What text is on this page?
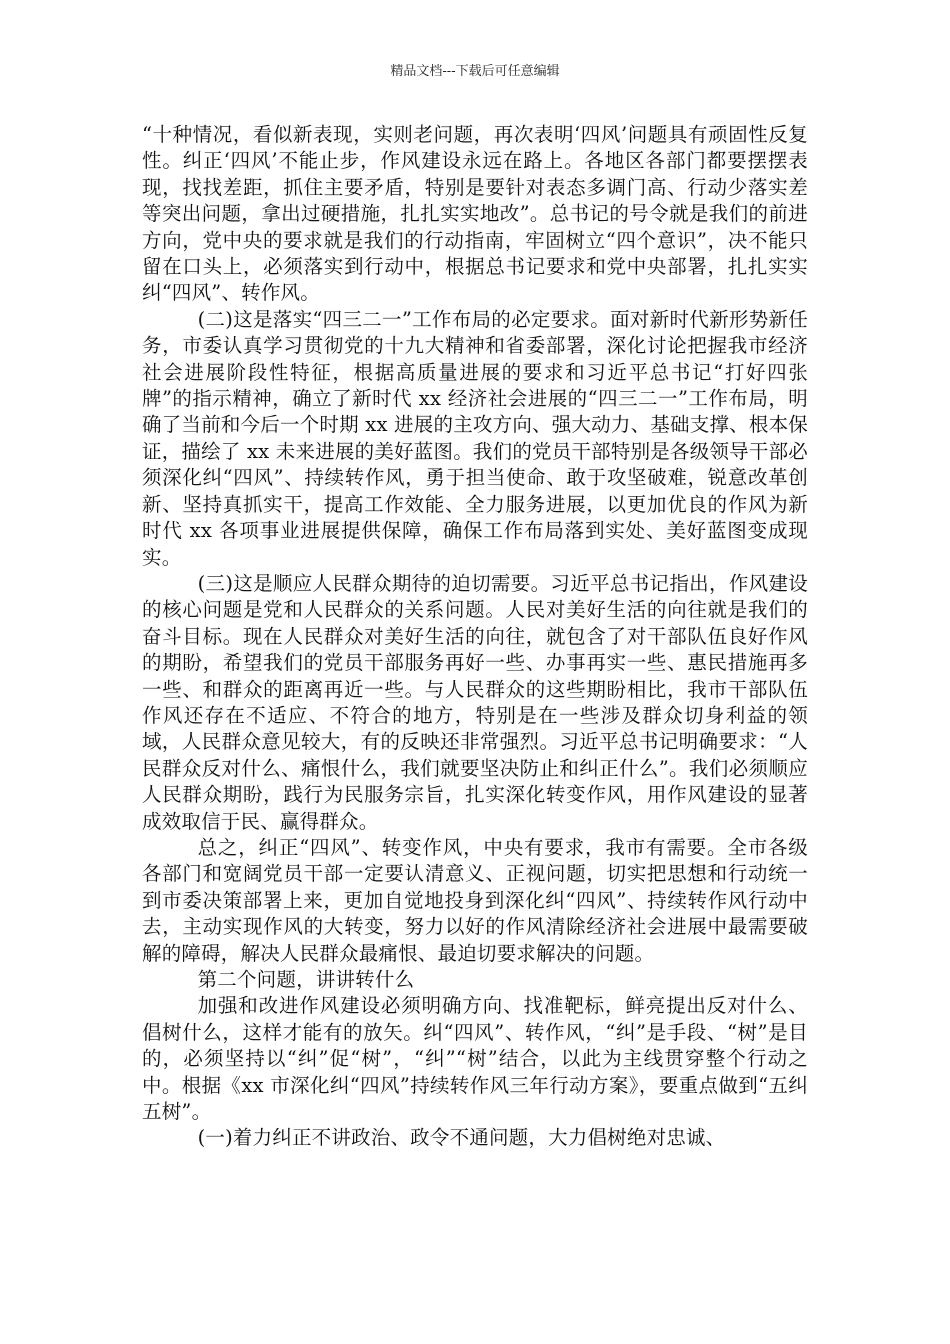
精品文档---下载后可任意编辑

“十种情况，看似新表现，实则老问题，再次表明‘四风’问题具有顽固性反复性。纠正‘四风’不能止步，作风建设永远在路上。各地区各部门都要摆摆表现，找找差距，抓住主要矛盾，特别是要针对表态多调门高、行动少落实差等突出问题，拿出过硬措施，扎扎实实地改”。总书记的号令就是我们的前进方向，党中央的要求就是我们的行动指南，牢固树立“四个意识”，决不能只留在口头上，必须落实到行动中，根据总书记要求和党中央部署，扎扎实实纠“四风”、转作风。

(二)这是落实“四三二一”工作布局的必定要求。面对新时代新形势新任务，市委认真学习贯彻党的十九大精神和省委部署，深化讨论把握我市经济社会进展阶段性特征，根据高质量进展的要求和习近平总书记“打好四张牌”的指示精神，确立了新时代 xx 经济社会进展的“四三二一”工作布局，明确了当前和今后一个时期 xx 进展的主攻方向、强大动力、基础支撑、根本保证，描绘了 xx 未来进展的美好蓝图。我们的党员干部特别是各级领导干部必须深化纠“四风”、持续转作风，勇于担当使命、敢于攻坚破难，锐意改革创新、坚持真抓实干，提高工作效能、全力服务进展，以更加优良的作风为新时代 xx 各项事业进展提供保障，确保工作布局落到实处、美好蓝图变成现实。

(三)这是顺应人民群众期待的迫切需要。习近平总书记指出，作风建设的核心问题是党和人民群众的关系问题。人民对美好生活的向往就是我们的奋斗目标。现在人民群众对美好生活的向往，就包含了对干部队伍良好作风的期盼，希望我们的党员干部服务再好一些、办事再实一些、惠民措施再多一些、和群众的距离再近一些。与人民群众的这些期盼相比，我市干部队伍作风还存在不适应、不符合的地方，特别是在一些涉及群众切身利益的领域，人民群众意见较大，有的反映还非常强烈。习近平总书记明确要求：“人民群众反对什么、痛恨什么，我们就要坚决防止和纠正什么”。我们必须顺应人民群众期盼，践行为民服务宗旨，扎实深化转变作风，用作风建设的显著成效取信于民、赢得群众。

总之，纠正“四风”、转变作风，中央有要求，我市有需要。全市各级各部门和宽阔党员干部一定要认清意义、正视问题，切实把思想和行动统一到市委决策部署上来，更加自觉地投身到深化纠“四风”、持续转作风行动中去，主动实现作风的大转变，努力以好的作风清除经济社会进展中最需要破解的障碍，解决人民群众最痛恨、最迫切要求解决的问题。

第二个问题，讲讲转什么

加强和改进作风建设必须明确方向、找准靶标，鲜亮提出反对什么、倡树什么，这样才能有的放矢。纠“四风”、转作风，“纠”是手段、“树”是目的，必须坚持以“纠”促“树”，“纠”“树”结合，以此为主线贯穿整个行动之中。根据《xx 市深化纠“四风”持续转作风三年行动方案》，要重点做到“五纠五树”。

(一)着力纠正不讲政治、政令不通问题，大力倡树绝对忠诚、
